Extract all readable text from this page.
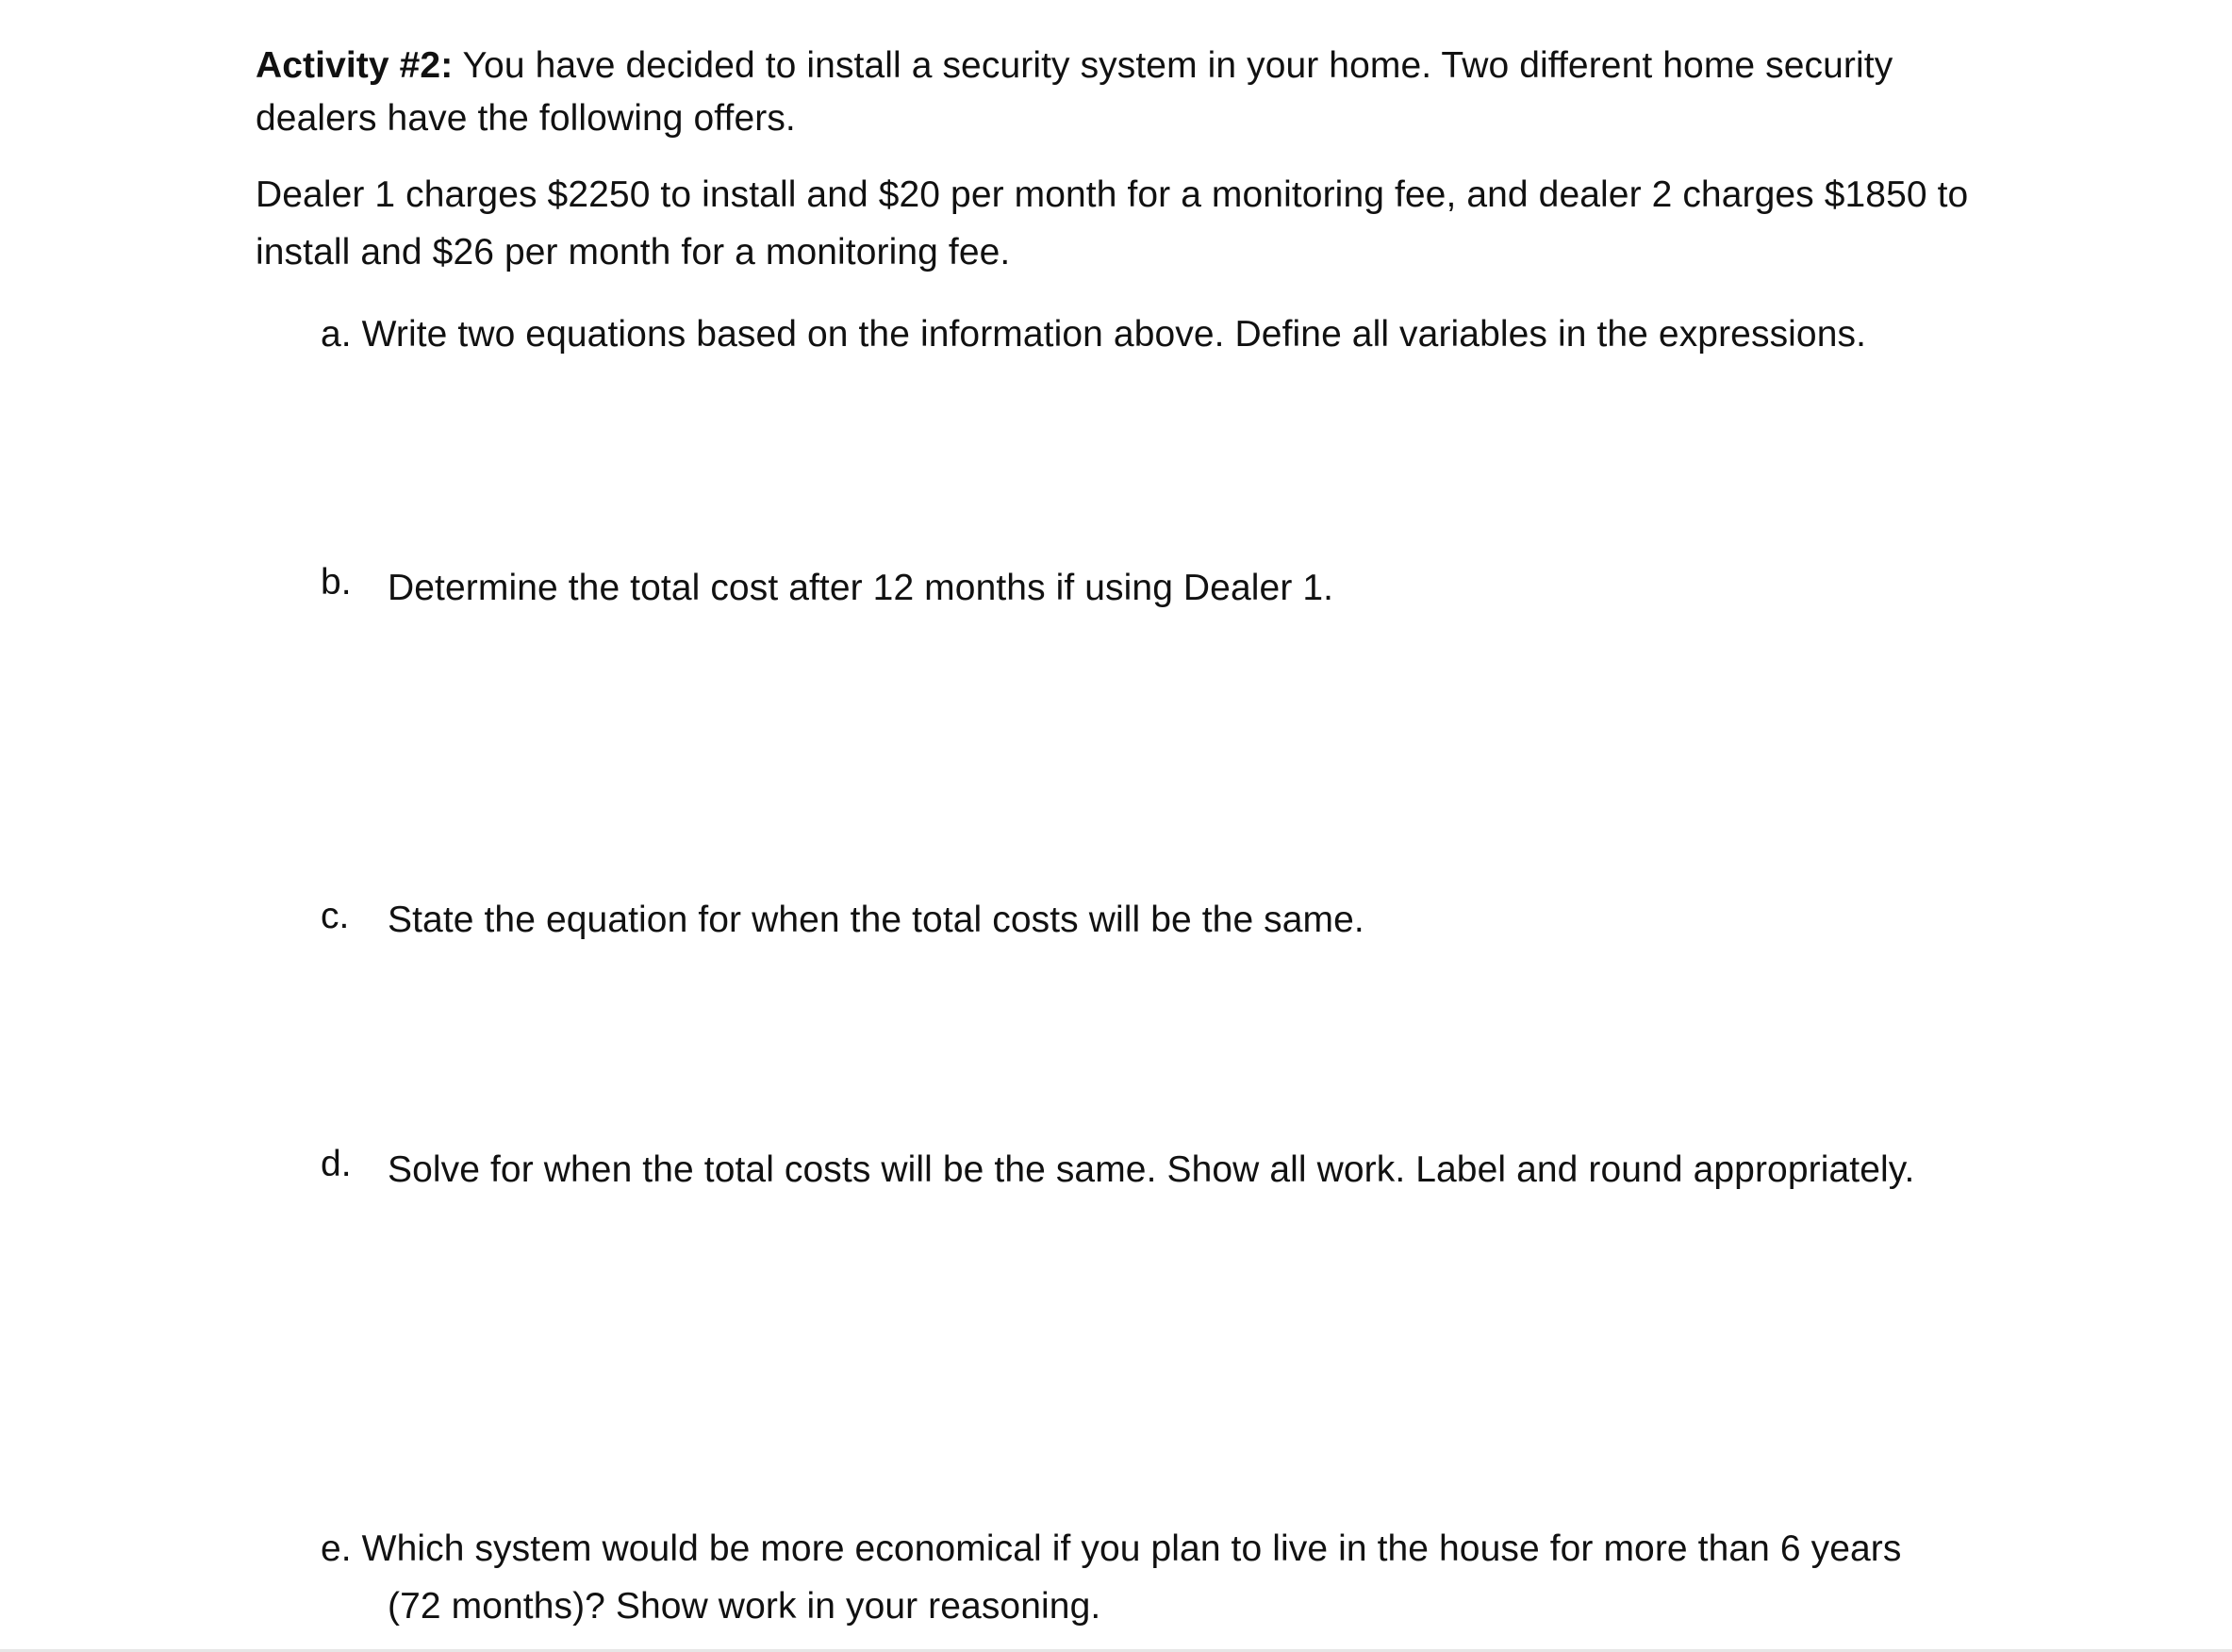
Activity #2: You have decided to install a security system in your home. Two different home security
dealers have the following offers.
Dealer 1 charges $2250 to install and $20 per month for a monitoring fee, and dealer 2 charges $1850 to
install and $26 per month for a monitoring fee.
a. Write two equations based on the information above. Define all variables in the expressions.
b. Determine the total cost after 12 months if using Dealer 1.
c. State the equation for when the total costs will be the same.
d. Solve for when the total costs will be the same. Show all work. Label and round appropriately.
e. Which system would be more economical if you plan to live in the house for more than 6 years
(72 months)? Show work in your reasoning.
